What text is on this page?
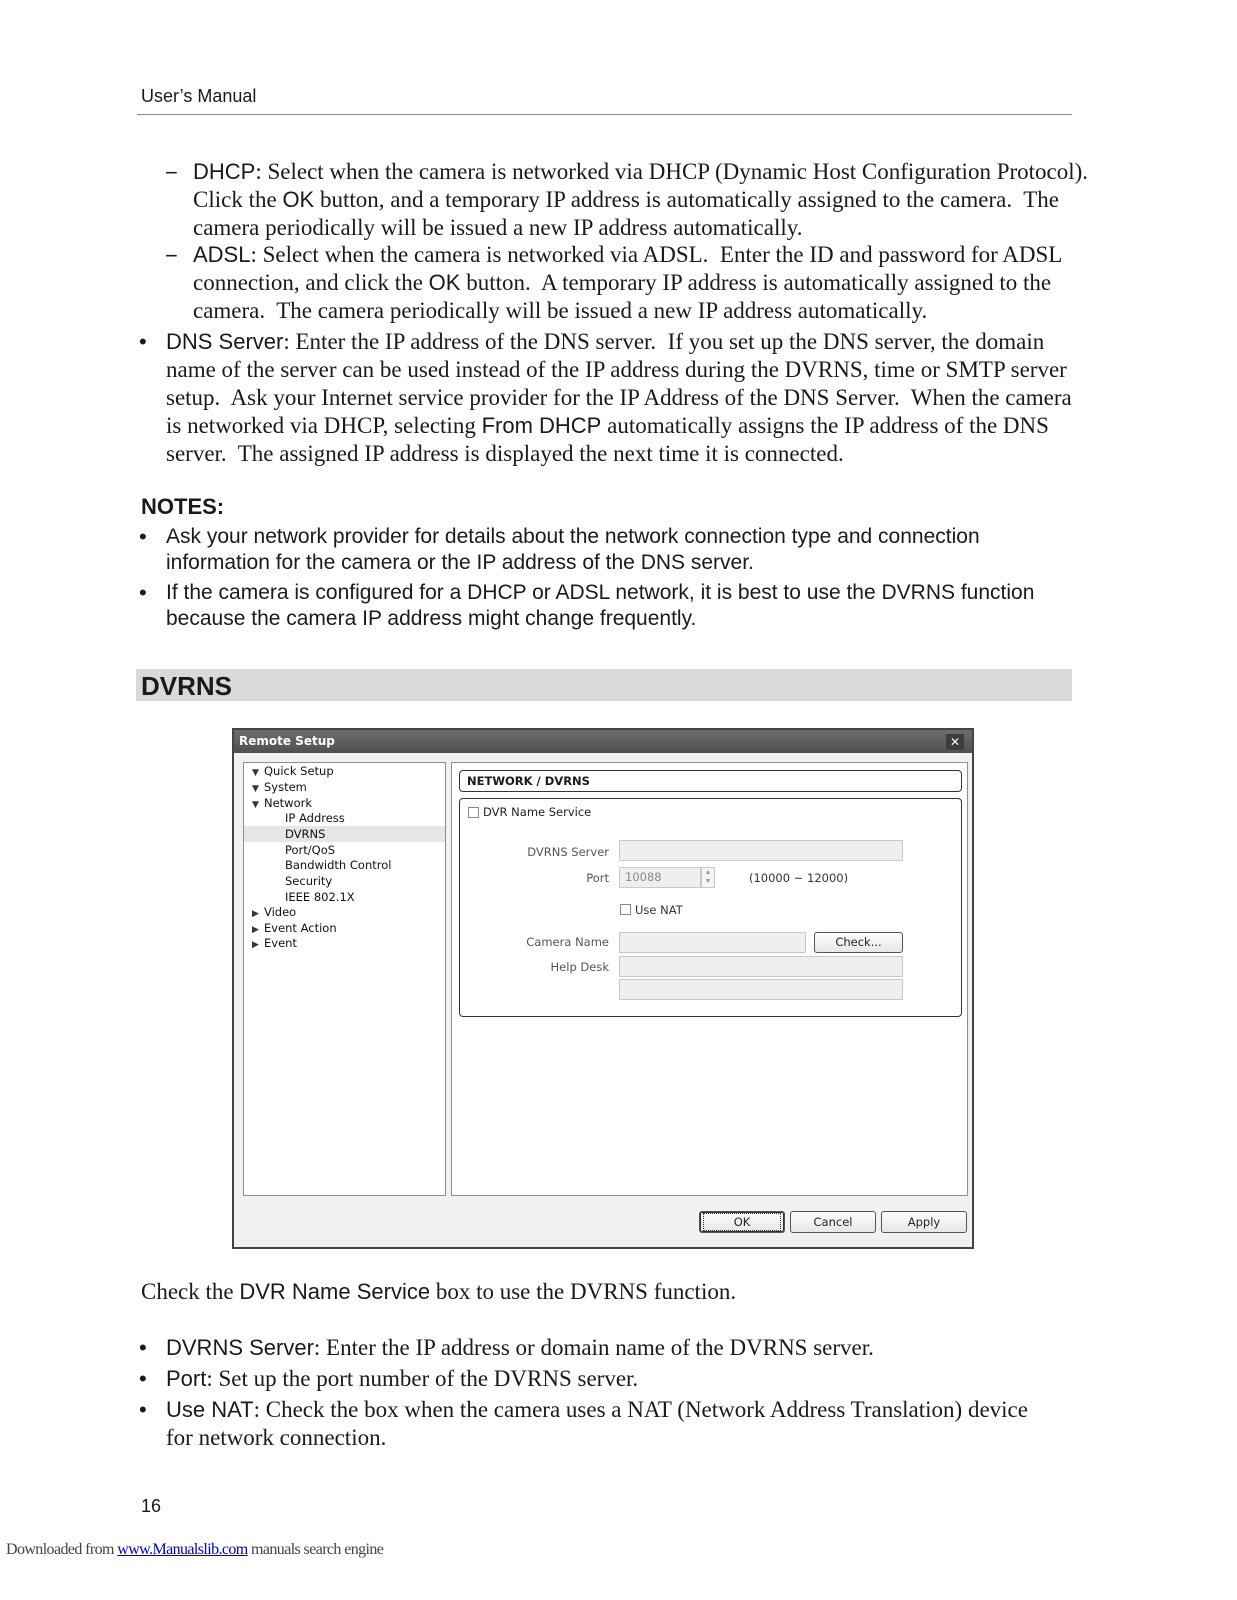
User’s Manual
− DHCP: Select when the camera is networked via DHCP (Dynamic Host Configuration Protocol).
Click the OK button, and a temporary IP address is automatically assigned to the camera.  The
camera periodically will be issued a new IP address automatically.
− ADSL: Select when the camera is networked via ADSL.  Enter the ID and password for ADSL
connection, and click the OK button.  A temporary IP address is automatically assigned to the
camera.  The camera periodically will be issued a new IP address automatically.
• DNS Server: Enter the IP address of the DNS server.  If you set up the DNS server, the domain
name of the server can be used instead of the IP address during the DVRNS, time or SMTP server
setup.  Ask your Internet service provider for the IP Address of the DNS Server.  When the camera
is networked via DHCP, selecting From DHCP automatically assigns the IP address of the DNS
server.  The assigned IP address is displayed the next time it is connected.
NOTES:
• Ask your network provider for details about the network connection type and connection
information for the camera or the IP address of the DNS server.
• If the camera is configured for a DHCP or ADSL network, it is best to use the DVRNS function
because the camera IP address might change frequently.
DVRNS
Remote Setup	✕
▼ Quick Setup
▼ System
▼ Network
IP Address
DVRNS
Port/QoS
Bandwidth Control
Security
IEEE 802.1X
▶ Video
▶ Event Action
▶ Event
NETWORK / DVRNS
DVR Name Service
DVRNS Server
Port	10088	▲
▼	(10000 ~ 12000)
Use NAT
Camera Name	Check...
Help Desk
OK	Cancel	Apply
Check the DVR Name Service box to use the DVRNS function.
• DVRNS Server: Enter the IP address or domain name of the DVRNS server.
• Port: Set up the port number of the DVRNS server.
• Use NAT: Check the box when the camera uses a NAT (Network Address Translation) device
for network connection.
16
Downloaded from www.Manualslib.com manuals search engine
